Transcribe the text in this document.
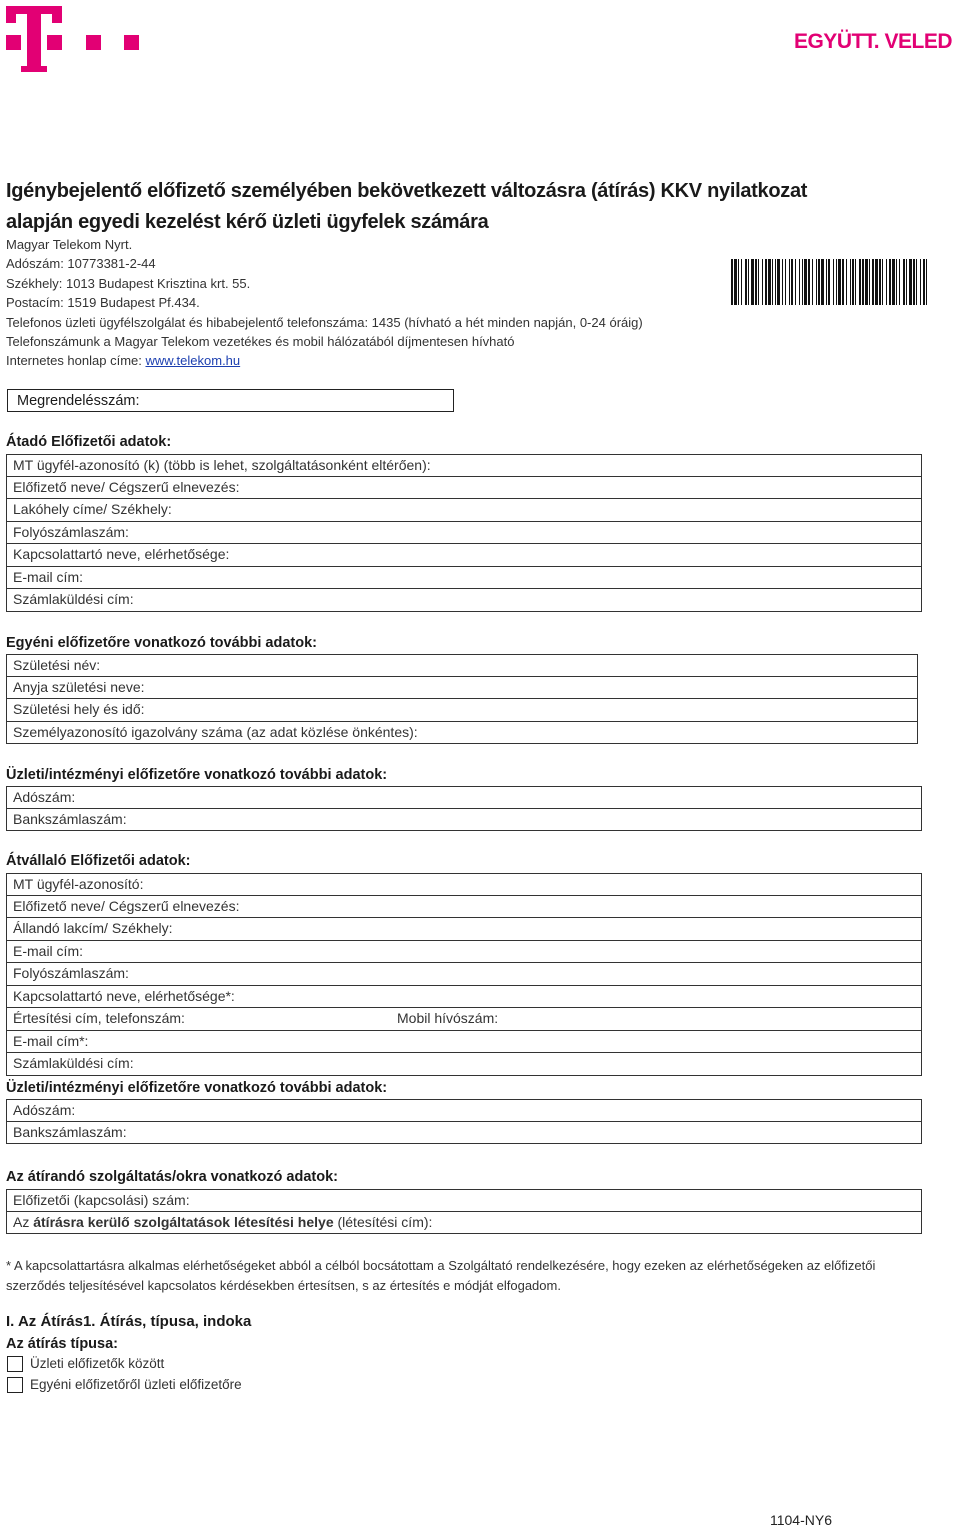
EGYÜTT. VELED
Igénybejelentő előfizető személyében bekövetkezett változásra (átírás) KKV nyilatkozat alapján egyedi kezelést kérő üzleti ügyfelek számára
Magyar Telekom Nyrt.
Adószám: 10773381-2-44
Székhely: 1013 Budapest Krisztina krt. 55.
Postacím: 1519 Budapest Pf.434.
Telefonos üzleti ügyfélszolgálat és hibabejelentő telefonszáma: 1435 (hívható a hét minden napján, 0-24 óráig)
Telefonszámunk a Magyar Telekom vezetékes és mobil hálózatából díjmentesen hívható
Internetes honlap címe: www.telekom.hu
Megrendelésszám:
Átadó Előfizetői adatok:
MT ügyfél-azonosító (k) (több is lehet, szolgáltatásonként eltérően):
Előfizető neve/ Cégszerű elnevezés:
Lakóhely címe/ Székhely:
Folyószámlaszám:
Kapcsolattartó neve, elérhetősége:
E-mail cím:
Számlaküldési cím:
Egyéni előfizetőre vonatkozó további adatok:
Születési név:
Anyja születési neve:
Születési hely és idő:
Személyazonosító igazolvány száma (az adat közlése önkéntes):
Üzleti/intézményi előfizetőre vonatkozó további adatok:
Adószám:
Bankszámlaszám:
Átvállaló Előfizetői adatok:
MT ügyfél-azonosító:
Előfizető neve/ Cégszerű elnevezés:
Állandó lakcím/ Székhely:
E-mail cím:
Folyószámlaszám:
Kapcsolattartó neve, elérhetősége*:
Értesítési cím, telefonszám:	Mobil hívószám:
E-mail cím*:
Számlaküldési cím:
Üzleti/intézményi előfizetőre vonatkozó további adatok:
Adószám:
Bankszámlaszám:
Az átírandó szolgáltatás/okra vonatkozó adatok:
Előfizetői (kapcsolási) szám:
Az átírásra kerülő szolgáltatások létesítési helye (létesítési cím):
* A kapcsolattartásra alkalmas elérhetőségeket abból a célból bocsátottam a Szolgáltató rendelkezésére, hogy ezeken az elérhetőségeken az előfizetői szerződés teljesítésével kapcsolatos kérdésekben értesítsen, s az értesítés e módját elfogadom.
I. Az Átírás1. Átírás, típusa, indoka
Az átírás típusa:
Üzleti előfizetők között
Egyéni előfizetőről üzleti előfizetőre
1104-NY6
